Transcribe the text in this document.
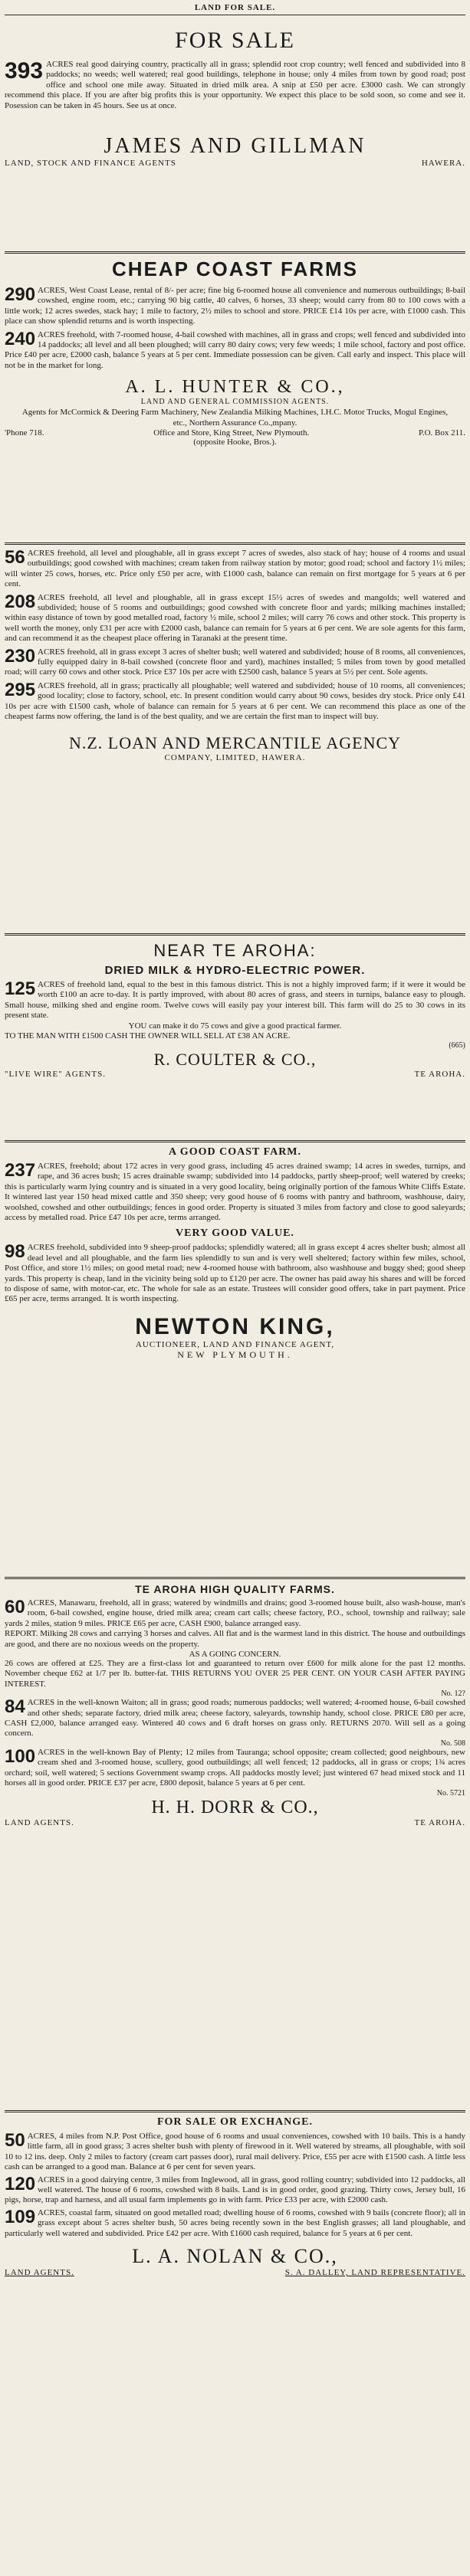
LAND FOR SALE.
FOR SALE

393 ACRES real good dairying country, practically all in grass; splendid root crop country; well fenced and subdivided into 8 paddocks; no weeds; well watered; real good buildings, telephone in house; only 4 miles from town by good road; post office and school one mile away. Situated in dried milk area. A snip at £50 per acre. £3000 cash. We can strongly recommend this place. If you are after big profits this is your opportunity. We expect this place to be sold soon, so come and see it. Posession can be taken in 45 hours. See us at once.

JAMES AND GILLMAN
LAND, STOCK AND FINANCE AGENTS	HAWERA.
CHEAP COAST FARMS

290 ACRES, West Coast Lease, rental of 8/- per acre; fine big 6-roomed house all convenience and numerous outbuildings; 8-bail cowshed, engine room, etc.; carrying 90 big cattle, 40 calves, 6 horses, 33 sheep; would carry from 80 to 100 cows with a little work; 12 acres swedes, stack hay; 1 mile to factory, 2½ miles to school and store. PRICE £14 10s per acre, with £1000 cash. This place can show splendid returns and is worth inspecting.

240 ACRES freehold, with 7-roomed house, 4-bail cowshed with machines, all in grass and crops; well fenced and subdivided into 14 paddocks; all level and all been ploughed; will carry 80 dairy cows; very few weeds; 1 mile school, factory and post office. Price £40 per acre, £2000 cash, balance 5 years at 5 per cent. Immediate possession can be given. Call early and inspect. This place will not be in the market for long.

A. L. HUNTER & CO.,
LAND AND GENERAL COMMISSION AGENTS.

Agents for McCormick & Deering Farm Machinery, New Zealandia Milking Machines, I.H.C. Motor Trucks, Mogul Engines, etc., Northern Assurance Co.,mpany.

'Phone 718.	Office and Store, King Street, New Plymouth.	P.O. Box 211.
(opposite Hooke, Bros.).

56 ACRES freehold, all level and ploughable, all in grass except 7 acres of swedes, also stack of hay; house of 4 rooms and usual outbuildings; good cowshed with machines; cream taken from railway station by motor; good road; school and factory 1½ miles; will winter 25 cows, horses, etc. Price only £50 per acre, with £1000 cash, balance can remain on first mortgage for 5 years at 6 per cent.

208 ACRES freehold, all level and ploughable, all in grass except 15½ acres of swedes and mangolds; well watered and subdivided; house of 5 rooms and outbuildings; good cowshed with concrete floor and yards; milking machines installed; within easy distance of town by good metalled road, factory ½ mile, school 2 miles; will carry 76 cows and other stock. This property is well worth the money, only £31 per acre with £2000 cash, balance can remain for 5 years at 6 per cent. We are sole agents for this farm, and can recommend it as the cheapest place offering in Taranaki at the present time.

230 ACRES freehold, all in grass except 3 acres of shelter bush; well watered and subdivided; house of 8 rooms, all conveniences, fully equipped dairy in 8-bail cowshed (concrete floor and yard), machines installed; 5 miles from town by good metalled road; will carry 60 cows and other stock. Price £37 10s per acre with £2500 cash, balance 5 years at 5½ per cent. Sole agents.

295 ACRES freehold, all in grass; practically all ploughable; well watered and subdivided; house of 10 rooms, all conveniences; good locality; close to factory, school, etc. In present condition would carry about 90 cows, besides dry stock. Price only £41 10s per acre with £1500 cash, whole of balance can remain for 5 years at 6 per cent. We can recommend this place as one of the cheapest farms now offering, the land is of the best quality, and we are certain the first man to inspect will buy.

N.Z. LOAN AND MERCANTILE AGENCY
COMPANY, LIMITED, HAWERA.
NEAR TE AROHA:
DRIED MILK & HYDRO-ELECTRIC POWER.

125 ACRES of freehold land, equal to the best in this famous district. This is not a highly improved farm; if it were it would be worth £100 an acre to-day. It is partly improved, with about 80 acres of grass, and steers in turnips, balance easy to plough. Small house, milking shed and engine room. Twelve cows will easily pay your interest bill. This farm will do 25 to 30 cows in its present state.

YOU can make it do 75 cows and give a good practical farmer.

TO THE MAN WITH £1500 CASH THE OWNER WILL SELL AT £38 AN ACRE.

(665)
R. COULTER & CO.,
"LIVE WIRE" AGENTS.	TE AROHA.
A GOOD COAST FARM.

237 ACRES, freehold; about 172 acres in very good grass, including 45 acres drained swamp; 14 acres in swedes, turnips, and rape, and 36 acres bush; 15 acres drainable swamp; subdivided into 14 paddocks, partly sheep-proof; well watered by creeks; this is particularly warm lying country and is situated in a very good locality, being originally portion of the famous White Cliffs Estate. It wintered last year 150 head mixed cattle and 350 sheep; very good house of 6 rooms with pantry and bathroom, washhouse, dairy, woolshed, cowshed and other outbuildings; fences in good order. Property is situated 3 miles from factory and close to good saleyards; access by metalled road. Price £47 10s per acre, terms arranged.

VERY GOOD VALUE.

98 ACRES freehold, subdivided into 9 sheep-proof paddocks; splendidly watered; all in grass except 4 acres shelter bush; almost all dead level and all ploughable, and the farm lies splendidly to sun and is very well sheltered; factory within few miles, school, Post Office, and store 1½ miles; on good metal road; new 4-roomed house with bathroom, also washhouse and buggy shed; good sheep yards. This property is cheap, land in the vicinity being sold up to £120 per acre. The owner has paid away his shares and will be forced to dispose of same, with motor-car, etc. The whole for sale as an estate. Trustees will consider good offers, take in part payment. Price £65 per acre, terms arranged. It is worth inspecting.

NEWTON KING,
AUCTIONEER, LAND AND FINANCE AGENT,
NEW PLYMOUTH.
TE AROHA HIGH QUALITY FARMS.

60 ACRES, Manawaru, freehold, all in grass; watered by windmills and drains; good 3-roomed house built, also wash-house, man's room, 6-bail cowshed, engine house, dried milk area; cream cart calls; cheese factory, P.O., school, township and railway; sale yards 2 miles, station 9 miles. PRICE £65 per acre, CASH £900, balance arranged easy.

REPORT. Milking 28 cows and carrying 3 horses and calves. All flat and is the warmest land in this district. The house and outbuildings are good, and there are no noxious weeds on the property.

AS A GOING CONCERN.

26 cows are offered at £25. They are a first-class lot and guaranteed to return over £600 for milk alone for the past 12 months. November cheque £62 at 1/7 per lb. butter-fat. THIS RETURNS YOU OVER 25 PER CENT. ON YOUR CASH AFTER PAYING INTEREST.

No. 12?

84 ACRES in the well-known Waiton; all in grass; good roads; numerous paddocks; well watered; 4-roomed house, 6-bail cowshed and other sheds; separate factory, dried milk area; cheese factory, saleyards, township handy, school close. PRICE £80 per acre, CASH £2,000, balance arranged easy. Wintered 40 cows and 6 draft horses on grass only. RETURNS 2070. Will sell as a going concern.

No. 508

100 ACRES in the well-known Bay of Plenty; 12 miles from Tauranga; school opposite; cream collected; good neighbours, new cream shed and 3-roomed house, scullery, good outbuildings; all well fenced; 12 paddocks, all in grass or crops; 1¾ acres orchard; soil, well watered; 5 sections Government swamp crops. All paddocks mostly level; just wintered 67 head mixed stock and 11 horses all in good order. PRICE £37 per acre, £800 deposit, balance 5 years at 6 per cent.

No. 5721
H. H. DORR & CO.,
LAND AGENTS.	TE AROHA.
FOR SALE OR EXCHANGE.

50 ACRES, 4 miles from N.P. Post Office, good house of 6 rooms and usual conveniences, cowshed with 10 bails. This is a handy little farm, all in good grass; 3 acres shelter bush with plenty of firewood in it. Well watered by streams, all ploughable, with soil 10 to 12 ins. deep. Only 2 miles to factory (cream cart passes door), rural mail delivery. Price, £55 per acre with £1500 cash. A little less cash can be arranged to a good man. Balance at 6 per cent for seven years.

120 ACRES in a good dairying centre, 3 miles from Inglewood, all in grass, good rolling country; subdivided into 12 paddocks, all well watered. The house of 6 rooms, cowshed with 8 bails. Land is in good order, good grazing. Thirty cows, Jersey bull, 16 pigs, horse, trap and harness, and all usual farm implements go in with farm. Price £33 per acre, with £2000 cash.

109 ACRES, coastal farm, situated on good metalled road; dwelling house of 6 rooms, cowshed with 9 bails (concrete floor); all in grass except about 5 acres shelter bush, 50 acres being recently sown in the best English grasses; all land ploughable, and particularly well watered and subdivided. Price £42 per acre. With £1600 cash required, balance for 5 years at 6 per cent.

L. A. NOLAN & CO.,
LAND AGENTS.	S. A. DALLEY, LAND REPRESENTATIVE.
